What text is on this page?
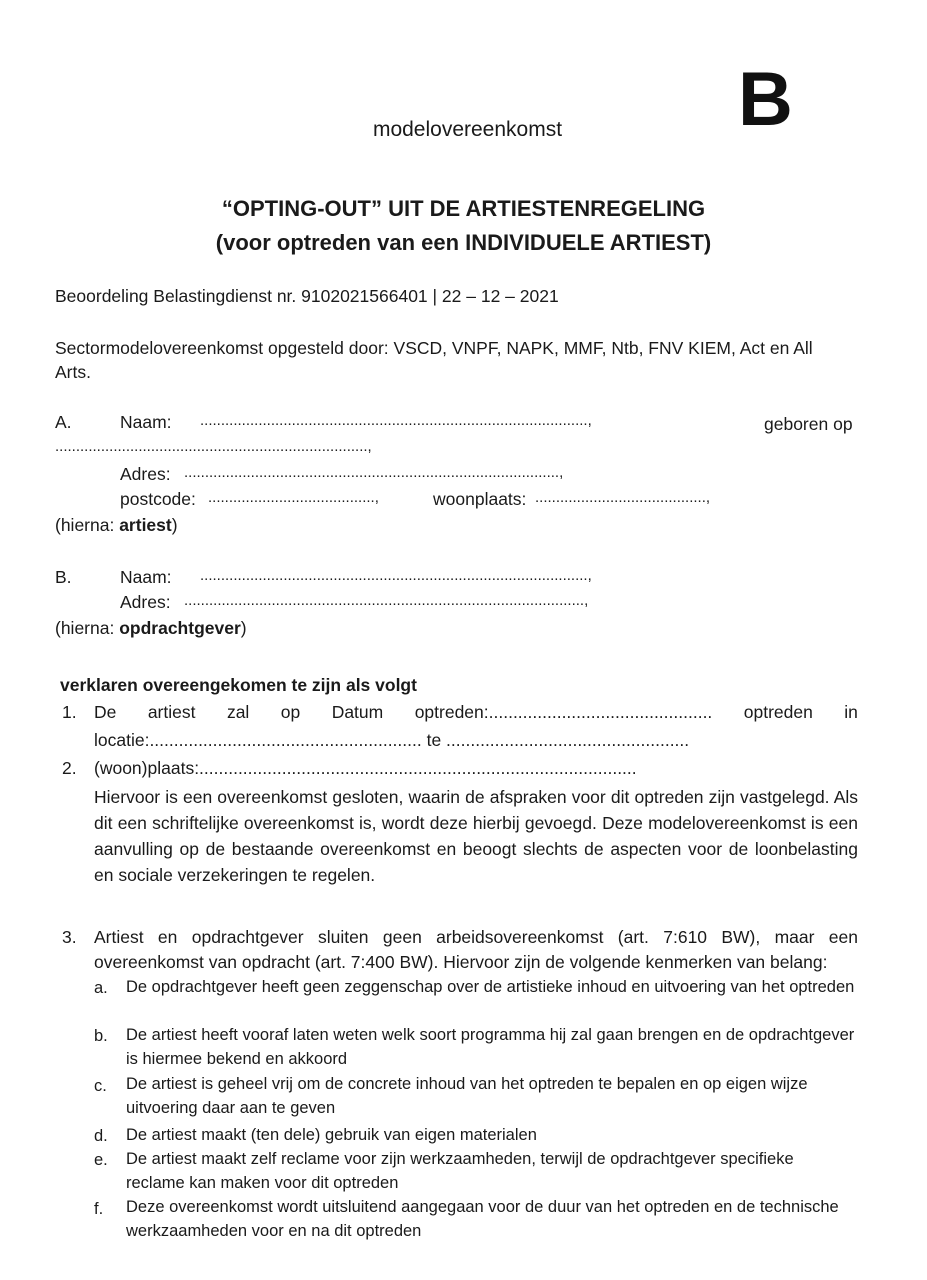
B
modelovereenkomst
“OPTING-OUT” UIT DE ARTIESTENREGELING
(voor optreden van een INDIVIDUELE ARTIEST)
Beoordeling Belastingdienst nr. 9102021566401 | 22 – 12 – 2021
Sectormodelovereenkomst opgesteld door: VSCD, VNPF, NAPK, MMF, Ntb, FNV KIEM, Act en All
Arts.
A.	Naam: .............................................................................................,	geboren op
...........................................................................,
Adres: ..........................................................................................,
postcode: ........................................,	woonplaats: .........................................,
(hierna: artiest)
B.	Naam: .............................................................................................,
Adres: ................................................................................................,
(hierna: opdrachtgever)
verklaren overeengekomen te zijn als volgt
1. De artiest zal op Datum optreden:.............................................. optreden in
locatie:........................................................ te ..................................................
2. (woon)plaats:..........................................................................................
Hiervoor is een overeenkomst gesloten, waarin de afspraken voor dit optreden zijn vastgelegd. Als dit een schriftelijke overeenkomst is, wordt deze hierbij gevoegd. Deze modelovereenkomst is een aanvulling op de bestaande overeenkomst en beoogt slechts de aspecten voor de loonbelasting en sociale verzekeringen te regelen.
3. Artiest en opdrachtgever sluiten geen arbeidsovereenkomst (art. 7:610 BW), maar een overeenkomst van opdracht (art. 7:400 BW). Hiervoor zijn de volgende kenmerken van belang:
a. De opdrachtgever heeft geen zeggenschap over de artistieke inhoud en uitvoering van het optreden
b. De artiest heeft vooraf laten weten welk soort programma hij zal gaan brengen en de opdrachtgever is hiermee bekend en akkoord
c. De artiest is geheel vrij om de concrete inhoud van het optreden te bepalen en op eigen wijze uitvoering daar aan te geven
d. De artiest maakt (ten dele) gebruik van eigen materialen
e. De artiest maakt zelf reclame voor zijn werkzaamheden, terwijl de opdrachtgever specifieke reclame kan maken voor dit optreden
f. Deze overeenkomst wordt uitsluitend aangegaan voor de duur van het optreden en de technische werkzaamheden voor en na dit optreden
